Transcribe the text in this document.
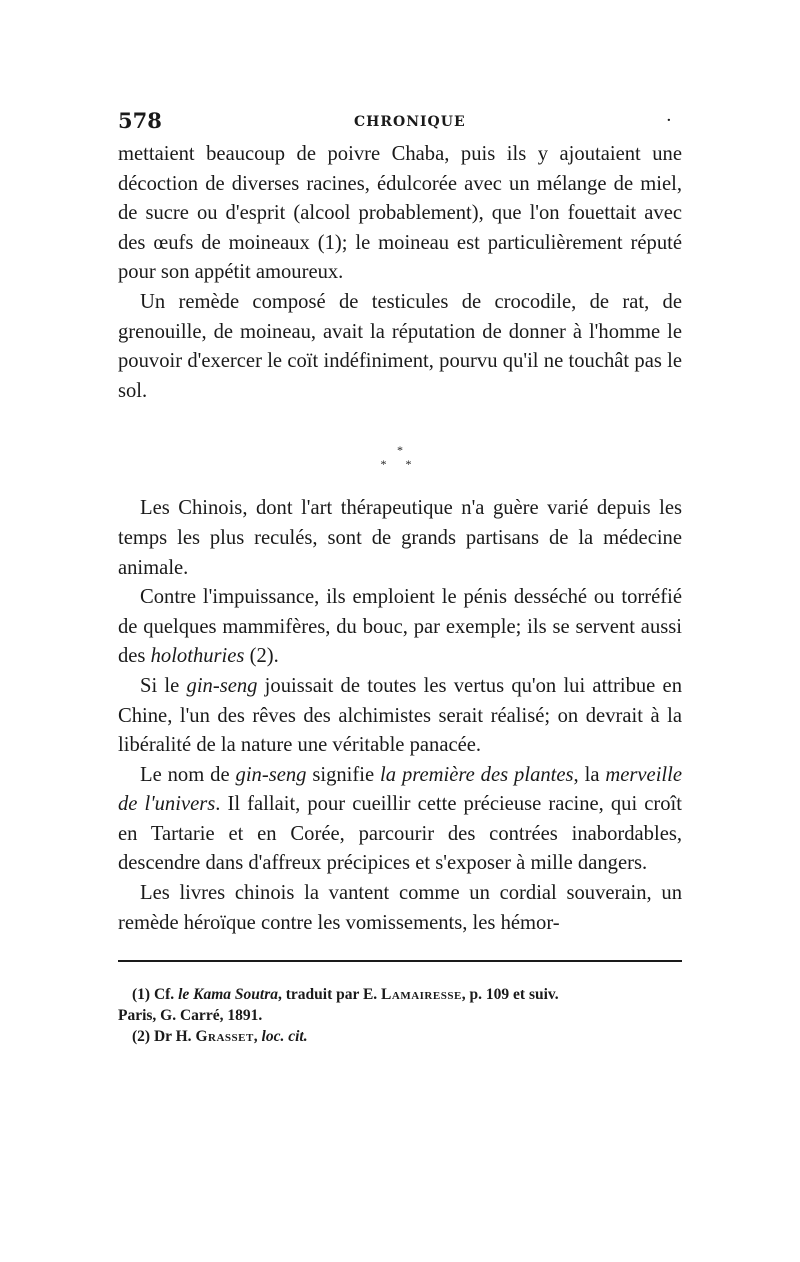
578	CHRONIQUE	·

mettaient beaucoup de poivre Chaba, puis ils y ajoutaient une décoction de diverses racines, édulcorée avec un mélange de miel, de sucre ou d'esprit (alcool probablement), que l'on fouettait avec des œufs de moineaux (1); le moineau est particulièrement réputé pour son appétit amoureux.

Un remède composé de testicules de crocodile, de rat, de grenouille, de moineau, avait la réputation de donner à l'homme le pouvoir d'exercer le coït indéfiniment, pourvu qu'il ne touchât pas le sol.

*
* *

Les Chinois, dont l'art thérapeutique n'a guère varié depuis les temps les plus reculés, sont de grands partisans de la médecine animale.

Contre l'impuissance, ils emploient le pénis desséché ou torréfié de quelques mammifères, du bouc, par exemple; ils se servent aussi des holothuries (2).

Si le gin-seng jouissait de toutes les vertus qu'on lui attribue en Chine, l'un des rêves des alchimistes serait réalisé; on devrait à la libéralité de la nature une véritable panacée.

Le nom de gin-seng signifie la première des plantes, la merveille de l'univers. Il fallait, pour cueillir cette précieuse racine, qui croît en Tartarie et en Corée, parcourir des contrées inabordables, descendre dans d'affreux précipices et s'exposer à mille dangers.

Les livres chinois la vantent comme un cordial souverain, un remède héroïque contre les vomissements, les hémor-

(1) Cf. le Kama Soutra, traduit par E. Lamairesse, p. 109 et suiv.

Paris, G. Carré, 1891.

(2) Dr H. Grasset, loc. cit.
